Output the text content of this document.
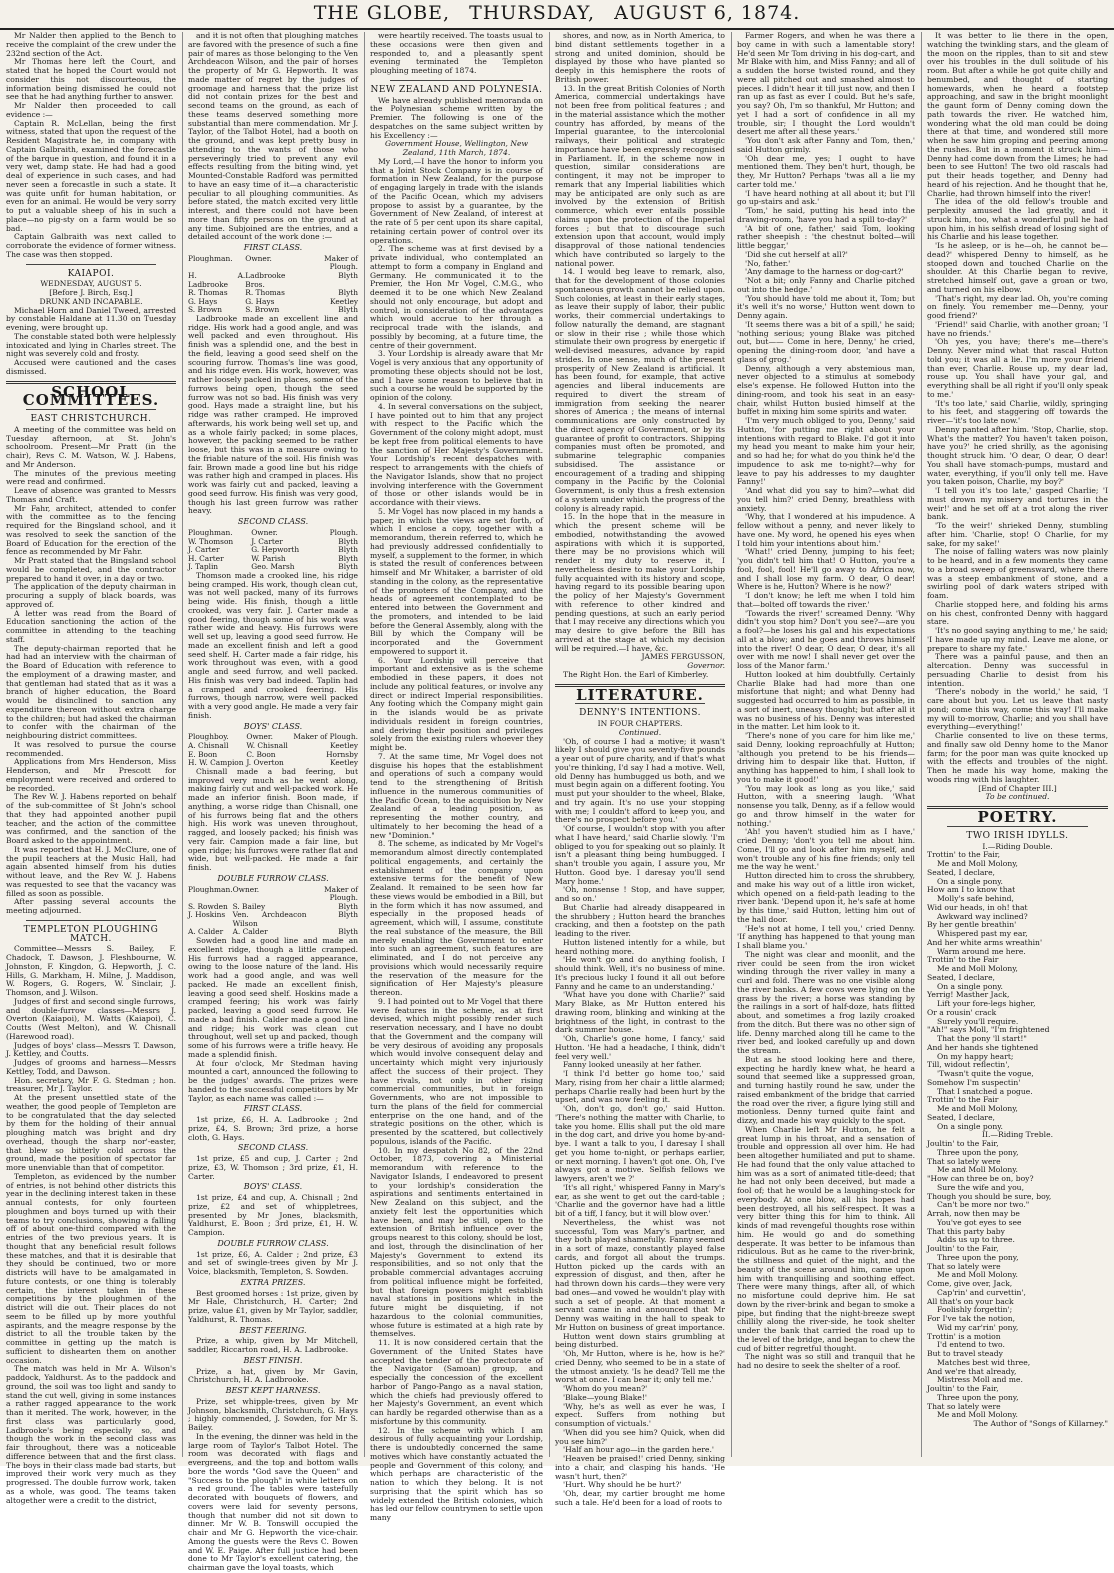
THE GLOBE, THURSDAY, AUGUST 6, 1874.

Mr Nalder then applied to the Bench to receive the complaint of the crew under the 232nd section of the Act.

Mr Thomas here left the Court, and stated that he hoped the Court would not consider this not discourteous, the information being dismissed he could not see that he had anything further to answer.

Mr Nalder then proceeded to call evidence :—

Captain R. McLellan, being the first witness, stated that upon the request of the Resident Magistrate he, in company with Captain Galbraith, examined the forecastle of the barque in question, and found it in a very wet, damp state. He had had a good deal of experience in such cases, and had never seen a forecastle in such a state. It was quite unfit for human habitation, or even for an animal. He would be very sorry to put a valuable sheep of his in such a place—no pig-sty on a farm would be so bad.

Captain Galbraith was next called to corroborate the evidence of former witness. The case was then stopped.

KAIAPOI.

WEDNESDAY, AUGUST 5.

[Before J. Birch, Esq.]

DRUNK AND INCAPABLE.

Michael Horn and Daniel Tweed, arrested by constable Haldane at 11.30 on Tuesday evening, were brought up.

The constable stated both were helplessly intoxicated and lying in Charles street. The night was severely cold and frosty.

Accused were cautioned and the cases dismissed.

SCHOOL COMMITTEES.
EAST CHRISTCHURCH.

A meeting of the committee was held on Tuesday afternoon, at St. John's schoolroom. Present—Mr Pratt (in the chair), Revs C. M. Watson, W. J. Habens, and Mr Anderson.

The minutes of the previous meeting were read and confirmed.

Leave of absence was granted to Messrs Thomas and Craft.

Mr Fahr, architect, attended to confer with the committee as to the fencing required for the Bingsland school, and it was resolved to seek the sanction of the Board of Education for the erection of the fence as recommended by Mr Fahr.

Mr Pratt stated that the Bingsland school would be completed, and the contractor prepared to hand it over, in a day or two.

The application of the deputy chairman in procuring a supply of black boards, was approved of.

A letter was read from the Board of Education sanctioning the action of the committee in attending to the teaching staff.

The deputy-chairman reported that he had had an interview with the chairman of the Board of Education with reference to the employment of a drawing master, and that gentleman had stated that as it was a branch of higher education, the Board would be disinclined to sanction any expenditure thereon without extra charge to the children; but had asked the chairman to confer with the chairman of the neighbouring district committees.

It was resolved to pursue the course recommended.

Applications from Mrs Henderson, Miss Henderson, and Mr Prescott for employment were received and ordered to be recorded.

The Rev W. J. Habens reported on behalf of the sub-committee of St John's school that they had appointed another pupil teacher, and the action of the committee was confirmed, and the sanction of the Board asked to the appointment.

It was reported that H. J. McClure, one of the pupil teachers at the Music Hall, had again absented himself from his duties without leave, and the Rev W. J. Habens was requested to see that the vacancy was filled as soon as possible.

After passing several accounts the meeting adjourned.

TEMPLETON PLOUGHING MATCH.

Committee—Messrs S. Bailey, F. Chadock, T. Dawson, J. Fleshbourne, W. Johnston, F. Kingdon, G. Hepworth, J. C. Hills, G. Markham, H. Milne, J. Maddison, W. Rogers, G. Rogers, W. Sinclair, J. Thomson, and J. Wilson.

Judges of first and second single furrows, and double-furrow classes—Messrs J. Overton (Kaiapoi), M. Watts (Kaiapoi), C. Coutts (West Melton), and W. Chisnall (Harewood road).

Judges of boys' class—Messrs T. Dawson, J. Kettley, and Coutts.

Judges of grooms and harness—Messrs Kettley, Todd, and Dawson.

Hon. secretary, Mr F. G. Stedman ; hon. treasurer, Mr J. Taylor.

At the present unsettled state of the weather, the good people of Templeton are to be congratulated that the day selected by them for the holding of their annual ploughing match was bright and dry overhead, though the sharp nor'-easter, that blew so bitterly cold across the ground, made the position of spectator far more unenviable than that of competitor.

Templeton, as evidenced by the number of entries, is not behind other districts this year in the declining interest taken in these annual contests, for only fourteen ploughmen and boys turned up with their teams to try conclusions, showing a falling off of about one-third compared with the entries of the two previous years. It is thought that any beneficial result follows these matches, and that it is desirable that they should be continued, two or more districts will have to be amalgamated in future contests, or one thing is tolerably certain, the interest taken in these competitions by the ploughmen of the district will die out. Their places do not seem to be filled up by more youthful aspirants, and the meagre response by the district to all the trouble taken by the committee in getting up the match is sufficient to dishearten them on another occasion.

The match was held in Mr A. Wilson's paddock, Yaldhurst. As to the paddock and ground, the soil was too light and sandy to stand the cut well, giving in some instances a rather ragged appearance to the work than it merited. The work, however, in the first class was particularly good, Ladbrooke's being especially so, and though the work in the second class was fair throughout, there was a noticeable difference between that and the first class. The boys in their class made bad starts, but improved their work very much as they progressed. The double furrow work, taken as a whole, was good. The teams taken altogether were a credit to the district,

and it is not often that ploughing matches are favored with the presence of such a fine pair of mares as those belonging to the Ven Archdeacon Wilson, and the pair of horses the property of Mr G. Hepworth. It was made matter of regret by the judges of groomage and harness that the prize list did not contain prizes for the best and second teams on the ground, as each of these teams deserved something more substantial than mere commendation. Mr J. Taylor, of the Talbot Hotel, had a booth on the ground, and was kept pretty busy in attending to the wants of those who perseveringly tried to prevent any evil effects resulting from the biting wind, yet Mounted-Constable Radford was permitted to have an easy time of it—a characteristic peculiar to all ploughing communities. As before stated, the match excited very little interest, and there could not have been more than fifty persons on the ground at any time. Subjoined are the entries, and a detailed account of the work done :—

FIRST CLASS.
Ploughman.	Owner.	Maker of Plough.
H. A. Ladbrooke	Ladbrooke Bros.	Blyth
R. Thomas	R. Thomas	Blyth
G. Hays	G. Hays	Keetley
S. Brown	S. Brown	Blyth

Ladbrooke made an excellent line and ridge. His work had a good angle, and was well packed and even throughout. His finish was a splendid one, and the best in the field, leaving a good seed shelf on the scouring furrow. Thomas's line was good, and his ridge even. His work, however, was rather loosely packed in places, some of the furrows being open, though the seed furrow was not so bad. His finish was very good. Hays made a straight line, but his ridge was rather cramped. He improved afterwards, his work being well set up, and as a whole fairly packed; in some places, however, the packing seemed to be rather loose, but this was in a measure owing to the friable nature of the soil. His finish was fair. Brown made a good line but his ridge was rather high and cramped in places. His work was fairly cut and packed, leaving a good seed furrow. His finish was very good, though his last green furrow was rather heavy.

SECOND CLASS.
Ploughman.	Owner.	Plough.
W. Thomson	J. Carter	Blyth
J. Carter	G. Hepworth	Blyth
H. Carter	W. Parish	Blyth
J. Taplin	Geo. Marsh	Blyth

Thomson made a crooked line, his ridge being cramped. His work, though clean cut, was not well packed, many of its furrows being wide. His finish, though a little crooked, was very fair. J. Carter made a good feering, though some of his work was rather wide and heavy. His furrows were well set up, leaving a good seed furrow. He made an excellent finish and left a good seed shelf. H. Carter made a fair ridge, his work throughout was even, with a good angle and seed furrow, and well packed. His finish was very bad indeed. Taplin had a cramped and crooked feering. His furrows, though narrow, were well packed with a very good angle. He made a very fair finish.

BOYS' CLASS.
Ploughboy.	Owner.	Maker of Plough.
A. Chisnall	W. Chisnall	Keetley
E. Boon	C. Boon	Hornsby
H. W. Campion	J. Overton	Keetley

Chisnall made a bad feering, but improved very much as he went along, making fairly cut and well-packed work. He made an inferior finish. Boon made, if anything, a worse ridge than Chisnall, one of his furrows being flat and the others high. His work was uneven throughout, ragged, and loosely packed; his finish was very fair. Campion made a fair line, but open ridge; his furrows were rather flat and wide, but well-packed. He made a fair finish.

DOUBLE FURROW CLASS.
Ploughman.	Owner.	Maker of Plough.
S. Rowden	S. Bailey	Blyth
J. Hoskins	Ven. Archdeacon Wilson	Blyth
A. Calder	A. Calder	Blyth

Sowden had a good line and made an excellent ridge, though a little cramped. His furrows had a ragged appearance, owing to the loose nature of the land. His work had a good angle, and was well packed. He made an excellent finish, leaving a good seed shelf. Hoskins made a cramped feering; his work was fairly packed, leaving a good seed furrow. He made a bad finish. Calder made a good line and ridge; his work was clean cut throughout, well set up and packed, though some of his furrows were a trifle heavy. He made a splendid finish.

At four o'clock, Mr Stedman having mounted a cart, announced the following to be the judges' awards. The prizes were handed to the successful competitors by Mr Taylor, as each name was called :—

FIRST CLASS.

1st prize, £6, H. A. Ladbrooke ; 2nd prize, £4, S. Brown; 3rd prize, a horse cloth, G. Hays.

SECOND CLASS.

1st prize, £5 and cup, J. Carter ; 2nd prize, £3, W. Thomson ; 3rd prize, £1, H. Carter.

BOYS' CLASS.

1st prize, £4 and cup, A. Chisnall ; 2nd prize, £2 and set of whippletrees, presented by Mr Jones, blacksmith, Yaldhurst, E. Boon ; 3rd prize, £1, H. W. Campion.

DOUBLE FURROW CLASS.

1st prize, £6, A. Calder ; 2nd prize, £3 and set of swingle-trees given by Mr J. Voice, blacksmith, Templeton, S. Sowden.

EXTRA PRIZES.

Best groomed horses : 1st prize, given by Mr Hale, Christchurch, H. Carter; 2nd prize, value £1, given by Mr Taylor, saddler, Yaldhurst, R. Thomas.

BEST FEERING.

Prize, a whip, given by Mr Mitchell, saddler, Riccarton road, H. A. Ladbrooke.

BEST FINISH.

Prize, a hat, given by Mr Gavin, Christchurch, H. A. Ladbrooke.

BEST KEPT HARNESS.

Prize, set whipple-trees, given by Mr Johnson, blacksmith, Christchurch, G. Hays ; highly commended, J. Sowden, for Mr S. Bailey.

In the evening, the dinner was held in the large room of Taylor's Talbot Hotel. The room was decorated with flags and evergreens, and the top and bottom walls bore the words "God save the Queen" and "Success to the plough" in white letters on a red ground. The tables were tastefully decorated with bouquets of flowers, and covers were laid for seventy persons, though that number did not sit down to dinner. Mr W. B. Tonswill occupied the chair and Mr G. Hepworth the vice-chair. Among the guests were the Revs C. Bowen and W. E. Paige. After full justice had been done to Mr Taylor's excellent catering, the chairman gave the loyal toasts, which

were heartily received. The toasts usual to these occasions were then given and responded to, and a pleasantly spent evening terminated the Templeton ploughing meeting of 1874.

NEW ZEALAND AND POLYNESIA.

We have already published memoranda on the Polynesian scheme written by the Premier. The following is one of the despatches on the same subject written by his Excellency :—

Government House, Wellington, New Zealand, 11th March, 1874.

My Lord,—I have the honor to inform you that a Joint Stock Company is in course of formation in New Zealand, for the purpose of engaging largely in trade with the islands of the Pacific Ocean, which my advisers propose to assist by a guarantee, by the Government of New Zealand, of interest at the rate of 5 per cent upon its share capital, retaining certain power of control over its operations.

2. The scheme was at first devised by a private individual, who contemplated an attempt to form a company in England and Germany. He communicated it to the Premier, the Hon Mr Vogel, C.M.G., who deemed it to be one which New Zealand should not only encourage, but adopt and control, in consideration of the advantages which would accrue to her through a reciprocal trade with the islands, and possibly by becoming, at a future time, the centre of their government.

3. Your Lordship is already aware that Mr Vogel is very anxious that any opportunity of promoting these objects should not be lost, and I have some reason to believe that in such a course he would be supported by the opinion of the colony.

4. In several conversations on the subject, I have pointed out to him that any project with respect to the Pacific which the Government of the colony might adopt, must be kept free from political elements to have the sanction of Her Majesty's Government. Your Lordship's recent despatches with respect to arrangements with the chiefs of the Navigator Islands, show that no project involving interference with the Government of those or other islands would be in accordance with their views.

5. Mr Vogel has now placed in my hands a paper, in which the views are set forth, of which I enclose a copy, together with a memorandum, therein referred to, which he had previously addressed confidentially to myself, a supplement to the former, in which is stated the result of conferences between himself and Mr Whitaker, a barrister of old standing in the colony, as the representative of the promoters of the Company, and the heads of agreement contemplated to be entered into between the Government and the promoters, and intended to be laid before the General Assembly, along with the Bill by which the Company will be incorporated and the Government empowered to support it.

6. Your Lordship will perceive that important and extensive as is the scheme embodied in these papers, it does not include any political features, or involve any direct or indirect Imperial responsibilities. Any footing which the Company might gain in the islands would be as private individuals resident in foreign countries, and deriving their position and privileges solely from the existing rulers whoever they might be.

7. At the same time, Mr Vogel does not disguise his hopes that the establishment and operations of such a company would tend to the strengthening of British influence in the numerous communities of the Pacific Ocean, to the acquisition by New Zealand of a leading position, as representing the mother country, and ultimately to her becoming the head of a new "Dominion."

8. The scheme, as indicated by Mr Vogel's memorandum almost directly contemplated political engagements, and certainly the establishment of the company upon extensive terms for the benefit of New Zealand. It remained to be seen how far these views would be embodied in a Bill, but in the form which it has now assumed, and especially in the proposed heads of agreement, which will, I assume, constitute the real substance of the measure, the Bill merely enabling the Government to enter into such an agreement, such features are eliminated, and I do not perceive any provisions which would necessarily require the reservation of the measure for the signification of Her Majesty's pleasure thereon.

9. I had pointed out to Mr Vogel that there were features in the scheme, as at first devised, which might possibly render such reservation necessary, and I have no doubt that the Government and the company will be very desirous of avoiding any proposals which would involve consequent delay and uncertainty which might very injuriously affect the success of their project. They have rivals, not only in other rising commercial communities, but in foreign Governments, who are not impossible to turn the plans of the field for commercial enterprise on the one hand, and of the strategic positions on the other, which is presented by the scattered, but collectively populous, islands of the Pacific.

10. In my despatch No 82, of the 22nd October, 1873, covering a Ministerial memorandum with reference to the Navigator Islands, I endeavored to present to your lordship's consideration the aspirations and sentiments entertained in New Zealand on this subject, and the anxiety felt lest the opportunities which have been, and may be still, open to the extension of British influence over the groups nearest to this colony, should be lost, and lost, through the disinclination of her Majesty's Government to extend its responsibilities, and so not only that the probable commercial advantages accruing from political influence might be forfeited, but that foreign powers might establish naval stations in positions which in the future might be disquieting, if not hazardous to the colonial communities, whose future is estimated at a high rate by themselves.

11. It is now considered certain that the Government of the United States have accepted the tender of the protectorate of the Navigator (Samoan) group, and especially the concession of the excellent harbor of Pango-Pango as a naval station, which the chiefs had previously offered to her Majesty's Government, an event which can hardly be regarded otherwise than as a misfortune by this community.

12. In the scheme with which I am desirous of fully acquainting your Lordship, there is undoubtedly concerned the same motives which have constantly actuated the people and Government of this colony, and which perhaps are characteristic of the nation to which they belong. It is not surprising that the spirit which has so widely extended the British colonies, which has led our fellow countrymen to settle upon many

shores, and now, as in North America, to bind distant settlements together in a strong and united dominion, should be displayed by those who have planted so deeply in this hemisphere the roots of British power.

13. In the great British Colonies of North America, commercial undertakings have not been free from political features ; and in the material assistance which the mother country has afforded, by means of the Imperial guarantee, to the intercolonial railways, their political and strategic importance have been expressly recognised in Parliament. If, in the scheme now in question, similar considerations are contingent, it may not be improper to remark that any Imperial liabilities which may be anticipated are only such as are involved by the extension of British commerce, which ever entails possible claims upon the protection of the Imperial forces ; but that to discourage such extension upon that account, would imply disapproval of those national tendencies which have contributed so largely to the national power.

14. I would beg leave to remark, also, that for the development of those colonies spontaneous growth cannot be relied upon. Such colonies, at least in their early stages, as leave their supply of labor, their public works, their commercial undertakings to follow naturally the demand, are stagnant or slow in their rise ; while those which stimulate their own progress by energetic if well-devised measures, advance by rapid strides. In one sense, much of the present prosperity of New Zealand is artificial. It has been found, for example, that active agencies and liberal inducements are required to divert the stream of immigration from seeking the nearer shores of America ; the means of internal communications are only constructed by the direct agency of Government, or by its guarantee of profit to contractors. Shipping companies must often be promoted, and submarine telegraphic companies subsidised. The assistance or encouragement of a trading and shipping company in the Pacific by the Colonial Government, is only thus a fresh extension of a system under which the progress of the colony is already rapid.

15. In the hope that in the measure in which the present scheme will be embodied, notwithstanding the avowed aspirations with which it is supported, there may be no provisions which will render it my duty to reserve it, I nevertheless desire to make your Lordship fully acquainted with its history and scope, having regard to its possible bearing upon the policy of her Majesty's Government with reference to other kindred and pending questions, at such an early period that I may receive any directions which you may desire to give before the Bill has arrived at the stage at which my decision will be required.—I have, &c.

JAMES FERGUSSON,

Governor.

The Right Hon. the Earl of Kimberley.

LITERATURE.
DENNY'S INTENTIONS.

IN FOUR CHAPTERS.

Continued.

'Oh, of course I had a motive; it wasn't likely I should give you seventy-five pounds a year out of pure charity, and if that's what you're thinking, I'd say I had a motive. Well, old Denny has humbugged us both, and we must begin again on a different footing. You must put your shoulder to the wheel, Blake, and try again. It's no use your stopping with me; I couldn't afford to keep you, and there's no prospect before you.'

'Of course, I wouldn't stop with you after what I have heard,' said Charlie slowly. 'I'm obliged to you for speaking out so plainly. It isn't a pleasant thing being humbugged. I shan't trouble you again, I assure you, Mr Hutton. Good bye. I daresay you'll send Mary home.'

'Oh, nonsense ! Stop, and have supper, and so on.'

But Charlie had already disappeared in the shrubbery ; Hutton heard the branches cracking, and then a footstep on the path leading to the river.

Hutton listened intently for a while, but heard nothing more.

'He won't go and do anything foolish, I should think. Well, it's no business of mine. It's precious lucky I found it all out before Fanny and he came to an understanding.'

'What have you done with Charlie?' said Mary Blake, as Mr Hutton entered his drawing room, blinking and winking at the brightness of the light, in contrast to the dark summer house.

'Oh, Charlie's gone home, I fancy,' said Hutton. 'He had a headache, I think, didn't feel very well.'

Fanny looked uneasily at her father.

'I think I'd better go home too,' said Mary, rising from her chair a little alarmed; perhaps Charlie really had been hurt by the upset, and was now feeling it.

'Oh, don't go, don't go,' said Hutton. 'There's nothing the matter with Charlie, to take you home. Ellis shall put the old mare in the dog cart, and drive you home by-and-bye. I want a talk to you, I daresay I shall get you home to-night, or perhaps earlier, or next morning. I haven't got one. Oh, I've always got a motive. Selfish fellows we lawyers, aren't we ?'

'It's all right,' whispered Fanny in Mary's ear, as she went to get out the card-table ; 'Charlie and the governor have had a little bit of a tiff, I fancy, but it will blow over.'

Nevertheless, the whist was not successful, Tom was Mary's partner, and they both played shamefully. Fanny seemed in a sort of maze, constantly played false cards, and forgot all about the trumps. Hutton picked up the cards with an expression of disgust, and then, after he had thrown down his cards—they were very bad ones—and vowed he wouldn't play with such a set of people. At that moment a servant came in and announced that Mr Denny was waiting in the hall to speak to Mr Hutton on business of great importance.

Hutton went down stairs grumbling at being disturbed.

'Oh, Mr Hutton, where is he, how is he?' cried Denny, who seemed to be in a state of the utmost anxiety. 'Is he dead? Tell me the worst at once. I can bear it; only tell me.'

'Whom do you mean?'

'Blake—young Blake!'

'Why, he's as well as ever he was, I expect. Suffers from nothing but consumption of victuals.'

'When did you see him? Quick, when did you see him?'

'Half an hour ago—in the garden here.'

'Heaven be praised!' cried Denny, sinking into a chair, and clasping his hands. 'He wasn't hurt, then?'

'Hurt. Why should he be hurt?'

'Oh, dear, my cartier brought me home such a tale. He'd been for a load of roots to

Farmer Rogers, and when he was there a boy came in with such a lamentable story! He'd seen Mr Tom driving in his dog-cart, and Mr Blake with him, and Miss Fanny; and all of a sudden the horse twisted round, and they were all pitched out and smashed almost to pieces. I didn't hear it till just now, and then I ran up as fast as ever I could. But he's safe, you say? Oh, I'm so thankful, Mr Hutton; and yet I had a sort of confidence in all my trouble, sir; I thought the Lord wouldn't desert me after all these years.'

'You don't ask after Fanny and Tom, then,' said Hutton grimly.

'Oh dear me, yes; I ought to have mentioned them. They ben't hurt, though, be they, Mr Hutton? Perhaps 'twas all a lie my carter told me.'

'I have heard nothing at all about it; but I'll go up-stairs and ask.'

'Tom,' he said, putting his head into the drawing-room, 'have you had a spill to-day?'

'A bit of one, father,' said Tom, looking rather sheepish : 'the chestnut bolted—will little beggar,'

'Did she cut herself at all?'

'No, father.'

'Any damage to the harness or dog-cart?'

'Not a bit; only Fanny and Charlie pitched out into the hedge.'

'You should have told me about it, Tom; but it's well it's no worse,' Hutton went down to Denny again.

'It seems there was a bit of a spill,' he said; 'nothing serious; young Blake was pitched out, but—— Come in here, Denny,' he cried, opening the dining-room door, 'and have a glass of grog.'

Denny, although a very abstemious man, never objected to a stimulus at somebody else's expense. He followed Hutton into the dining-room, and took his seat in an easy-chair, whilst Hutton busied himself at the buffet in mixing him some spirits and water.

'I'm very much obliged to you, Denny,' said Hutton, 'for putting me right about your intentions with regard to Blake. I'd got it into my head you meant to make him your heir, and so had he; for what do you think he'd the impudence to ask me to-night?—why for leave to pay his addresses to my daughter Fanny!'

'And what did you say to him?—what did you tell him?' cried Denny, breathless with anxiety.

'Why, that I wondered at his impudence. A fellow without a penny, and never likely to have one. My word, he opened his eyes when I told him your intentions about him.'

'What!' cried Denny, jumping to his feet; 'you didn't tell him that! O Hutton, you're a fool, fool, fool! He'll go away to Africa now, and I shall lose my farm. O dear, O dear! Where is he, Hutton? Where is he now?'

'I don't know; he left me when I told him that—bolted off towards the river.'

'Towards the river!' screamed Denny. 'Why didn't you stop him? Don't you see?—are you a fool?—he loses his gal and his expectations all at a blow; and he goes and throws himself into the river! O dear, O dear, O dear, it's all over with me now! I shall never get over the loss of the Manor farm.'

Hutton looked at him doubtfully. Certainly Charlie Blake had had more than one misfortune that night; and what Denny had suggested had occurred to him as possible, in a sort of inert, uneasy thought; but after all it was no business of his. Denny was interested in the matter. Let him look to it.

'There's none of you care for him like me,' said Denny, looking reproachfully at Hutton; 'although you pretend to be his friends—driving him to despair like that. Hutton, if anything has happened to him, I shall look to you to make it good!'

'You may look as long as you like,' said Hutton, with a sneering laugh. 'What nonsense you talk, Denny, as if a fellow would go and throw himself in the water for nothing.'

'Ah! you haven't studied him as I have,' cried Denny; 'don't you tell me about him. Come, I'll go and look after him myself, and won't trouble any of his fine friends; only tell me the way he went.'

Hutton directed him to cross the shrubbery, and make his way out of a little iron wicket, which opened on a field-path leading to the river bank. 'Depend upon it, he's safe at home by this time,' said Hutton, letting him out of the hall door.

'He's not at home, I tell you,' cried Denny. 'If anything has happened to that young man I shall blame you.'

The night was clear and moonlit, and the river could be seen from the iron wicket winding through the river valley in many a curl and fold. There was no one visible along the river banks. A few cows were lying on the grass by the river; a horse was standing by the railings in a sort of half-doze, hats flitted about, and sometimes a frog lazily croaked from the ditch. But there was no other sign of life. Denny marched along till he came to the river bed, and looked carefully up and down the stream.

But as he stood looking here and there, expecting he hardly knew what, he heard a sound that seemed like a suppressed groan, and turning hastily round he saw, under the raised embankment of the bridge that carried the road over the river, a figure lying still and motionless. Denny turned quite faint and dizzy, and made his way quickly to the spot.

When Charlie left Mr Hutton, he felt a great lump in his throat, and a sensation of trouble and oppression all over him. He had been altogether humiliated and put to shame. He had found that the only value attached to him was as a sort of animated title-deed; that he had not only been deceived, but made a fool of; that he would be a laughing-stock for everybody. At one blow, all his hopes had been destroyed, all his self-respect. It was a very bitter thing this for him to think. All kinds of mad revengeful thoughts rose within him. He would go and do something desperate. It was better to be infamous than ridiculous. But as he came to the river-brink, the stillness and quiet of the night, and the beauty of the scene around him, came upon him with tranquillising and soothing effect. There were many things, after all, of which no misfortune could deprive him. He sat down by the river-brink and began to smoke a pipe, but finding that the night-breeze swept chillily along the river-side, he took shelter under the bank that carried the road up to the level of the bridge, and began to chew the cud of bitter regretful thought.

The night was so still and tranquil that he had no desire to seek the shelter of a roof.

It was better to lie there in the open, watching the twinkling stars, and the gleam of the moon on the ripples, than to sit and stew over his troubles in the dull solitude of his room. But after a while he got quite chilly and benumbed, and thought of starting homewards, when he heard a footstep approaching, and saw in the bright moonlight the gaunt form of Denny coming down the path towards the river. He watched him, wondering what the old man could be doing there at that time, and wondered still more when he saw him groping and peering among the rushes. But in a moment it struck him—Denny had come down from the Limes; he had been to see Hutton! The two old rascals had put their heads together, and Denny had heard of his rejection. And he thought that he, Charlie, had thrown himself into the river!

The idea of the old fellow's trouble and perplexity amused the lad greatly, and it struck him, too, what a wonderful pull he had upon him, in his selfish dread of losing sight of his Charlie and his lease together.

'Is he asleep, or is he—oh, he cannot be—dead?' whispered Denny to himself, as he stooped down and touched Charlie on the shoulder. At this Charlie began to revive, stretched himself out, gave a groan or two, and turned on his elbow.

'That's right, my dear lad. Oh, you're coming on finely. You remember me—Denny, your good friend?'

'Friend!' said Charlie, with another groan; 'I have no friends.'

'Oh yes, you have; there's me—there's Denny. Never mind what that rascal Hutton told you; it was all a lie. I'm more your friend than ever, Charlie. Rouse up, my dear lad, rouse up. You shall have your gal, and everything shall be all right if you'll only speak to me.'

'It's too late,' said Charlie, wildly, springing to his feet, and staggering off towards the river—'it's too late now.'

Denny panted after him. 'Stop, Charlie, stop. What's the matter? You haven't taken poison, have you?' he cried shrilly, as the agonising thought struck him. 'O dear, O dear, O dear! You shall have stomach-pumps, mustard and water, everything, if you'll only tell me. Have you taken poison, Charlie, my boy?'

'I tell you it's too late,' gasped Charlie; 'I must drown my misery and tortures in the weir!' and he set off at a trot along the river bank.

'To the weir!' shrieked Denny, stumbling after him. 'Charlie, stop! O Charlie, for my sake, for my sake!'

The noise of falling waters was now plainly to be heard, and in a few moments they came to a broad sweep of greensward, where there was a steep embankment of stone, and a swirling pool of dark waters striped with foam.

Charlie stopped here, and folding his arms on his chest, confronted Denny with haggard stare.

'It's no good saying anything to me,' he said; 'I have made up my mind. Leave me alone, or prepare to share my fate.'

There was a painful pause, and then an altercation. Denny was successful in persuading Charlie to desist from his intention.

'There's nobody in the world,' he said, 'I care about but you. Let us leave that nasty pond; come this way, come this way! I'll make my will to-morrow, Charlie; and you shall have everything—everything!'

Charlie consented to live on these terms, and finally saw old Denny home to the Manor farm; for the poor man was quite knocked up with the effects and troubles of the night. Then he made his way home, making the woods ring with his laughter.

[End of Chapter III.]

To be continued.

POETRY.
TWO IRISH IDYLLS.

I.—Riding Double.

Trottin' to the Fair,

Me and Moll Molony,

Seated, I declare,

On a single pony.

How am I to know that

Molly's safe behind,

Wid our heads, in oh! that

Awkward way inclined?

By her gentle breathin'

Whispered past my ear,

And her white arms wreathin'

Warm around me here.

Trottin' to the Fair

Me and Moll Molony,

Seated, I declare,

On a single pony.

Yerrig! Masther Jack,

Lift your fore-legs higher,

Or a rousin' crack

Surely you'll require.

"Ah!" says Moll, "I'm frightened

That the pony 'll start!"

And her hands she tightened

On my happy heart;

Till, widout reflectin',

'Twasn't quite the vogue,

Somehow I'm suspectin'

That I snatched a pogue.

Trottin' to the Fair

Me and Moll Molony,

Seated, I declare,

On a single pony.

II.—Riding Treble.

Joultin' to the Fair,

Three upon the pony,

That so lately were

Me and Moll Molony.

"How can three be on, boy?

Sure the wife and you,

Though you should be sure, boy,

Can't be more nor two."

Arrah, now then may be

You've got eyes to see

That this party baby

Adds us up to three.

Joultin' to the Fair,

Three upon the pony,

That so lately were

Me and Moll Molony.

Come, give over, Jack,

Cap'rin' and curvettin',

All that's on your back

Foolishly forgettin';

For I've tak the notion,

Wid my car'rin' pony,

Trottin' is a motion

I'd entend to two.

But to travel steady

Matches best wid three,

And we're that already,

Mistress Moll and me.

Joultin' to the Fair,

Three upon the pony,

That so lately were

Me and Moll Molony.

The Author of "Songs of Killarney."
